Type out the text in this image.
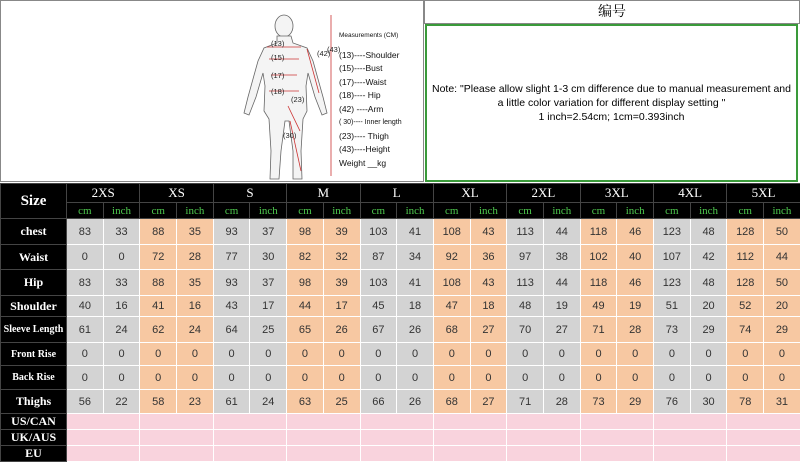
(13)
(15)
(17)
(18)
(23)
(30)
(42)
(43)
Measurements (CM)
(13)----Shoulder
(15)----Bust
(17)----Waist
(18)---- Hip
(42) ----Arm
( 30)---- Inner length
(23)---- Thigh
(43)----Height
Weight __kg
编号
Note: "Please allow slight 1-3 cm difference due to manual measurement and a little color variation for different display setting "
1 inch=2.54cm; 1cm=0.393inch
Size	2XS		XS		S		M		L		XL		2XL		3XL		4XL		5XL	
	cm	inch	cm	inch	cm	inch	cm	inch	cm	inch	cm	inch	cm	inch	cm	inch	cm	inch	cm	inch
chest	83	33	88	35	93	37	98	39	103	41	108	43	113	44	118	46	123	48	128	50
Waist	0	0	72	28	77	30	82	32	87	34	92	36	97	38	102	40	107	42	112	44
Hip	83	33	88	35	93	37	98	39	103	41	108	43	113	44	118	46	123	48	128	50
Shoulder	40	16	41	16	43	17	44	17	45	18	47	18	48	19	49	19	51	20	52	20
Sleeve Length	61	24	62	24	64	25	65	26	67	26	68	27	70	27	71	28	73	29	74	29
Front Rise	0	0	0	0	0	0	0	0	0	0	0	0	0	0	0	0	0	0	0	0
Back Rise	0	0	0	0	0	0	0	0	0	0	0	0	0	0	0	0	0	0	0	0
Thighs	56	22	58	23	61	24	63	25	66	26	68	27	71	28	73	29	76	30	78	31
US/CAN																				
UK/AUS																				
EU																				
